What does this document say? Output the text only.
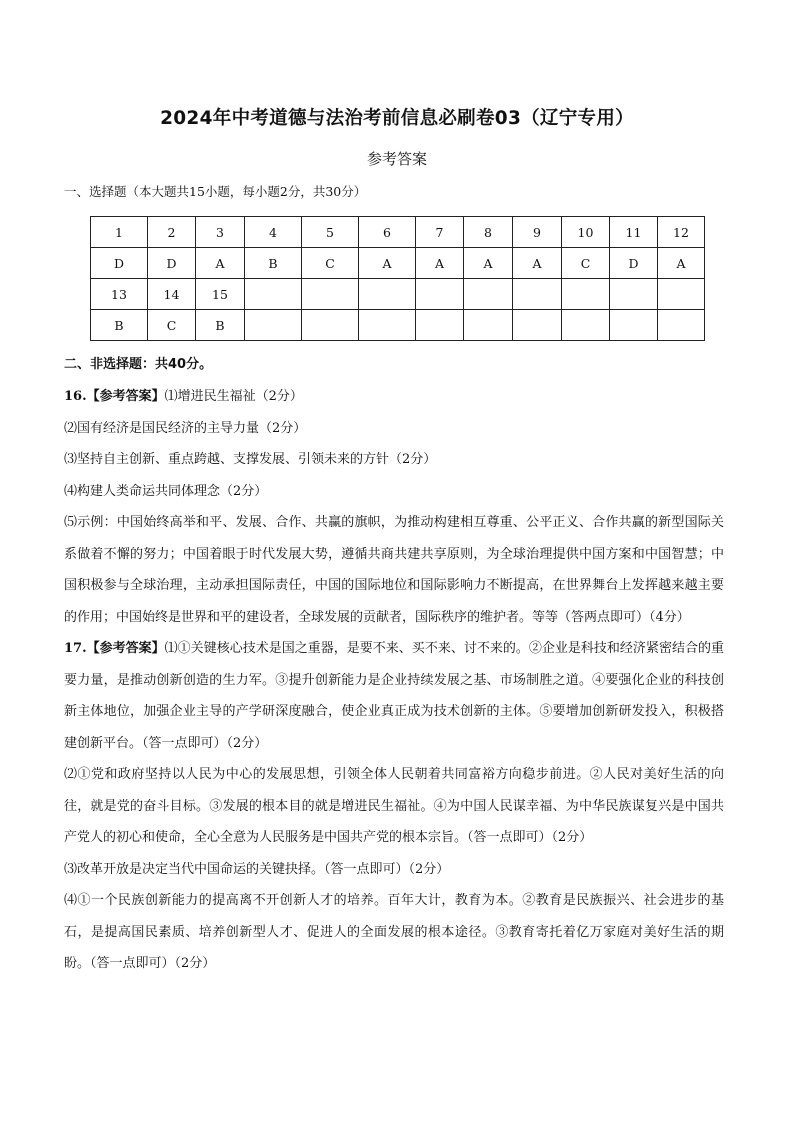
2024年中考道德与法治考前信息必刷卷03（辽宁专用）
参考答案
一、选择题（本大题共15小题，每小题2分，共30分）
1	2	3	4	5	6	7	8	9	10	11	12
D	D	A	B	C	A	A	A	A	C	D	A
13	14	15									
B	C	B									
二、非选择题：共40分。

16.【参考答案】⑴增进民生福祉（2分）

⑵国有经济是国民经济的主导力量（2分）

⑶坚持自主创新、重点跨越、支撑发展、引领未来的方针（2分）

⑷构建人类命运共同体理念（2分）

⑸示例：中国始终高举和平、发展、合作、共赢的旗帜，为推动构建相互尊重、公平正义、合作共赢的新型国际关系做着不懈的努力；中国着眼于时代发展大势，遵循共商共建共享原则，为全球治理提供中国方案和中国智慧；中国积极参与全球治理，主动承担国际责任，中国的国际地位和国际影响力不断提高，在世界舞台上发挥越来越主要的作用；中国始终是世界和平的建设者，全球发展的贡献者，国际秩序的维护者。等等（答两点即可）（4分）

17.【参考答案】⑴①关键核心技术是国之重器，是要不来、买不来、讨不来的。②企业是科技和经济紧密结合的重要力量，是推动创新创造的生力军。③提升创新能力是企业持续发展之基、市场制胜之道。④要强化企业的科技创新主体地位，加强企业主导的产学研深度融合，使企业真正成为技术创新的主体。⑤要增加创新研发投入，积极搭建创新平台。（答一点即可）（2分）

⑵①党和政府坚持以人民为中心的发展思想，引领全体人民朝着共同富裕方向稳步前进。②人民对美好生活的向往，就是党的奋斗目标。③发展的根本目的就是增进民生福祉。④为中国人民谋幸福、为中华民族谋复兴是中国共产党人的初心和使命，全心全意为人民服务是中国共产党的根本宗旨。（答一点即可）（2分）

⑶改革开放是决定当代中国命运的关键抉择。（答一点即可）（2分）

⑷①一个民族创新能力的提高离不开创新人才的培养。百年大计，教育为本。②教育是民族振兴、社会进步的基石，是提高国民素质、培养创新型人才、促进人的全面发展的根本途径。③教育寄托着亿万家庭对美好生活的期盼。（答一点即可）（2分）
